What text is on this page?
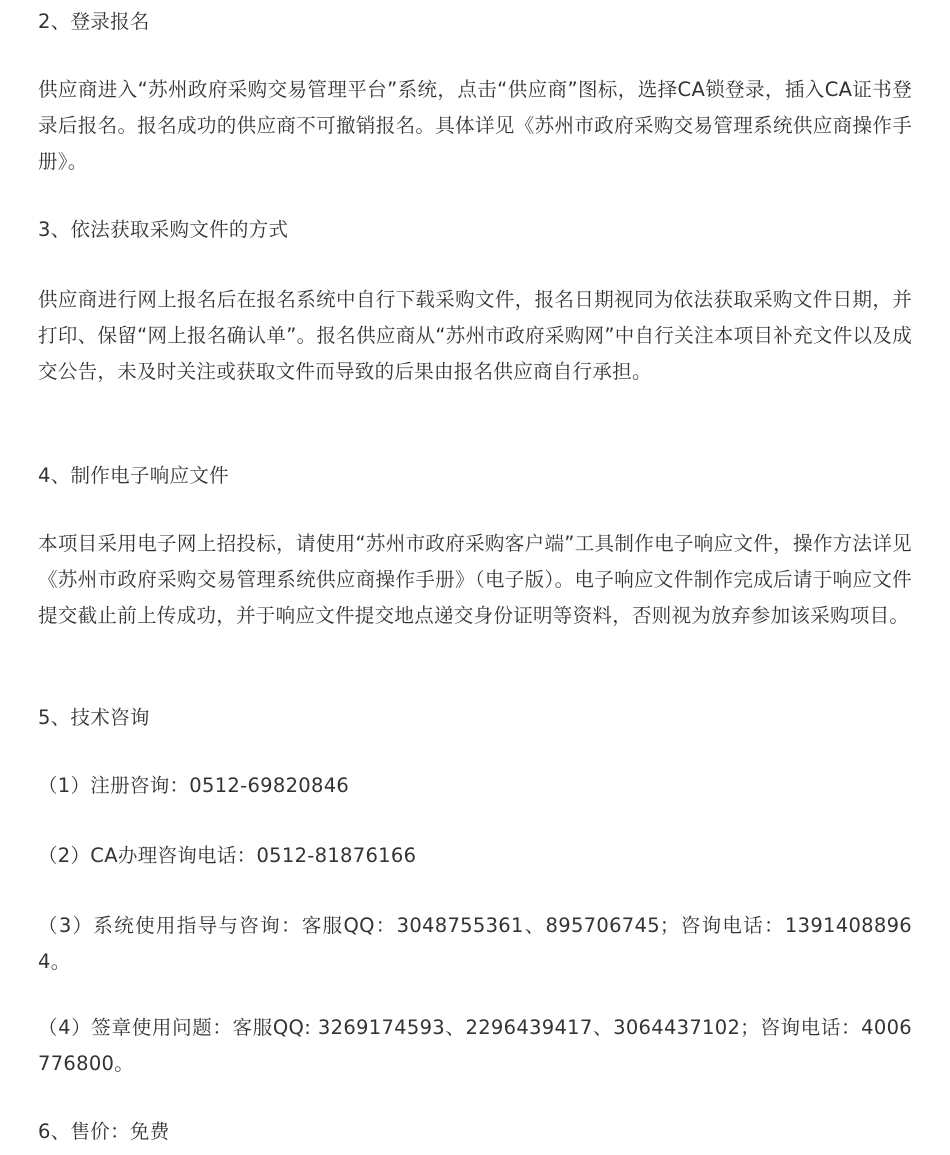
2、登录报名

供应商进入“苏州政府采购交易管理平台”系统，点击“供应商”图标，选择CA锁登录，插入CA证书登录后报名。报名成功的供应商不可撤销报名。具体详见《苏州市政府采购交易管理系统供应商操作手册》。

3、依法获取采购文件的方式

供应商进行网上报名后在报名系统中自行下载采购文件，报名日期视同为依法获取采购文件日期，并打印、保留“网上报名确认单”。报名供应商从“苏州市政府采购网”中自行关注本项目补充文件以及成交公告，未及时关注或获取文件而导致的后果由报名供应商自行承担。

4、制作电子响应文件

本项目采用电子网上招投标，请使用“苏州市政府采购客户端”工具制作电子响应文件，操作方法详见《苏州市政府采购交易管理系统供应商操作手册》（电子版）。电子响应文件制作完成后请于响应文件提交截止前上传成功，并于响应文件提交地点递交身份证明等资料，否则视为放弃参加该采购项目。

5、技术咨询

（1）注册咨询：0512-69820846

（2）CA办理咨询电话：0512-81876166

（3）系统使用指导与咨询：客服QQ：3048755361、895706745；咨询电话：13914088964。

（4）签章使用问题：客服QQ: 3269174593、2296439417、3064437102；咨询电话：4006776800。

6、售价：免费
